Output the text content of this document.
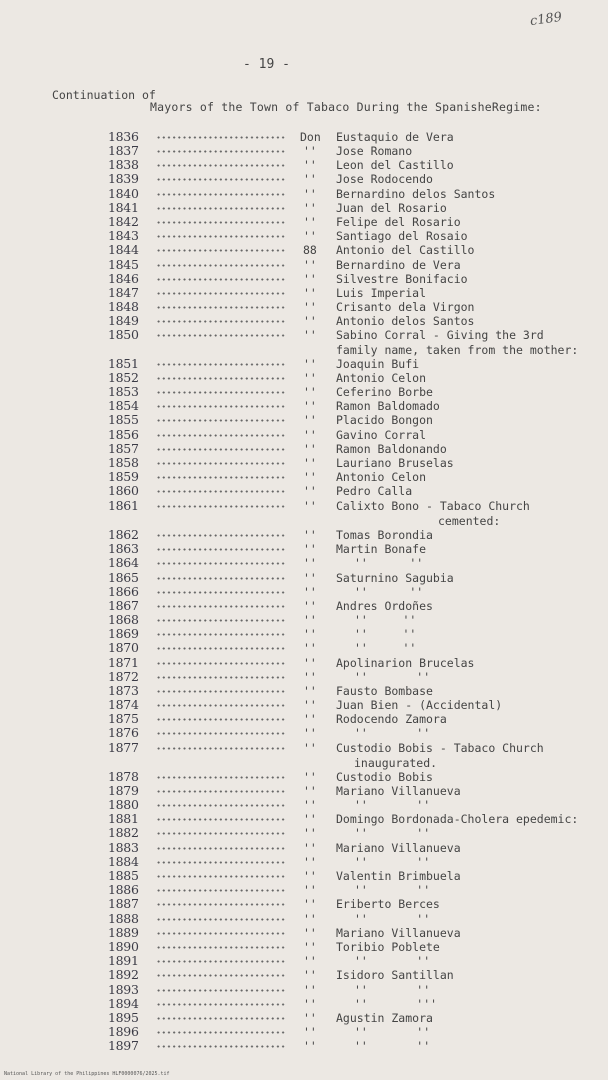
c189
- 19 -
Continuation of
Mayors of the Town of Tabaco During the SpanisheRegime:
1836	Don Eustaquio de Vera
1837	'' Jose Romano
1838	'' Leon del Castillo
1839	'' Jose Rodocendo
1840	'' Bernardino delos Santos
1841	'' Juan del Rosario
1842	'' Felipe del Rosario
1843	'' Santiago del Rosaio
1844	88 Antonio del Castillo
1845	'' Bernardino de Vera
1846	'' Silvestre Bonifacio
1847	'' Luis Imperial
1848	'' Crisanto dela Virgon
1849	'' Antonio delos Santos
1850	'' Sabino Corral - Giving the 3rd
family name, taken from the mother:
1851	'' Joaquin Bufi
1852	'' Antonio Celon
1853	'' Ceferino Borbe
1854	'' Ramon Baldomado
1855	'' Placido Bongon
1856	'' Gavino Corral
1857	'' Ramon Baldonando
1858	'' Lauriano Bruselas
1859	'' Antonio Celon
1860	'' Pedro Calla
1861	'' Calixto Bono - Tabaco Church
cemented:
1862	'' Tomas Borondia
1863	'' Martin Bonafe
1864	''	''      ''
1865	'' Saturnino Sagubia
1866	''	''      ''
1867	'' Andres Ordoñes
1868	''	''     ''
1869	''	''     ''
1870	''	''     ''
1871	'' Apolinarion Brucelas
1872	''	''       ''
1873	'' Fausto Bombase
1874	'' Juan Bien - (Accidental)
1875	'' Rodocendo Zamora
1876	''	''       ''
1877	'' Custodio Bobis - Tabaco Church
inaugurated.
1878	'' Custodio Bobis
1879	'' Mariano Villanueva
1880	''	''       ''
1881	'' Domingo Bordonada-Cholera epedemic:
1882	''	''       ''
1883	'' Mariano Villanueva
1884	''	''       ''
1885	'' Valentin Brimbuela
1886	''	''       ''
1887	'' Eriberto Berces
1888	''	''       ''
1889	'' Mariano Villanueva
1890	'' Toribio Poblete
1891	''	''       ''
1892	'' Isidoro Santillan
1893	''	''       ''
1894	''	''       '''
1895	'' Agustin Zamora
1896	''	''       ''
1897	''	''       ''
National Library of the Philippines HLF0000076/2025.tif
